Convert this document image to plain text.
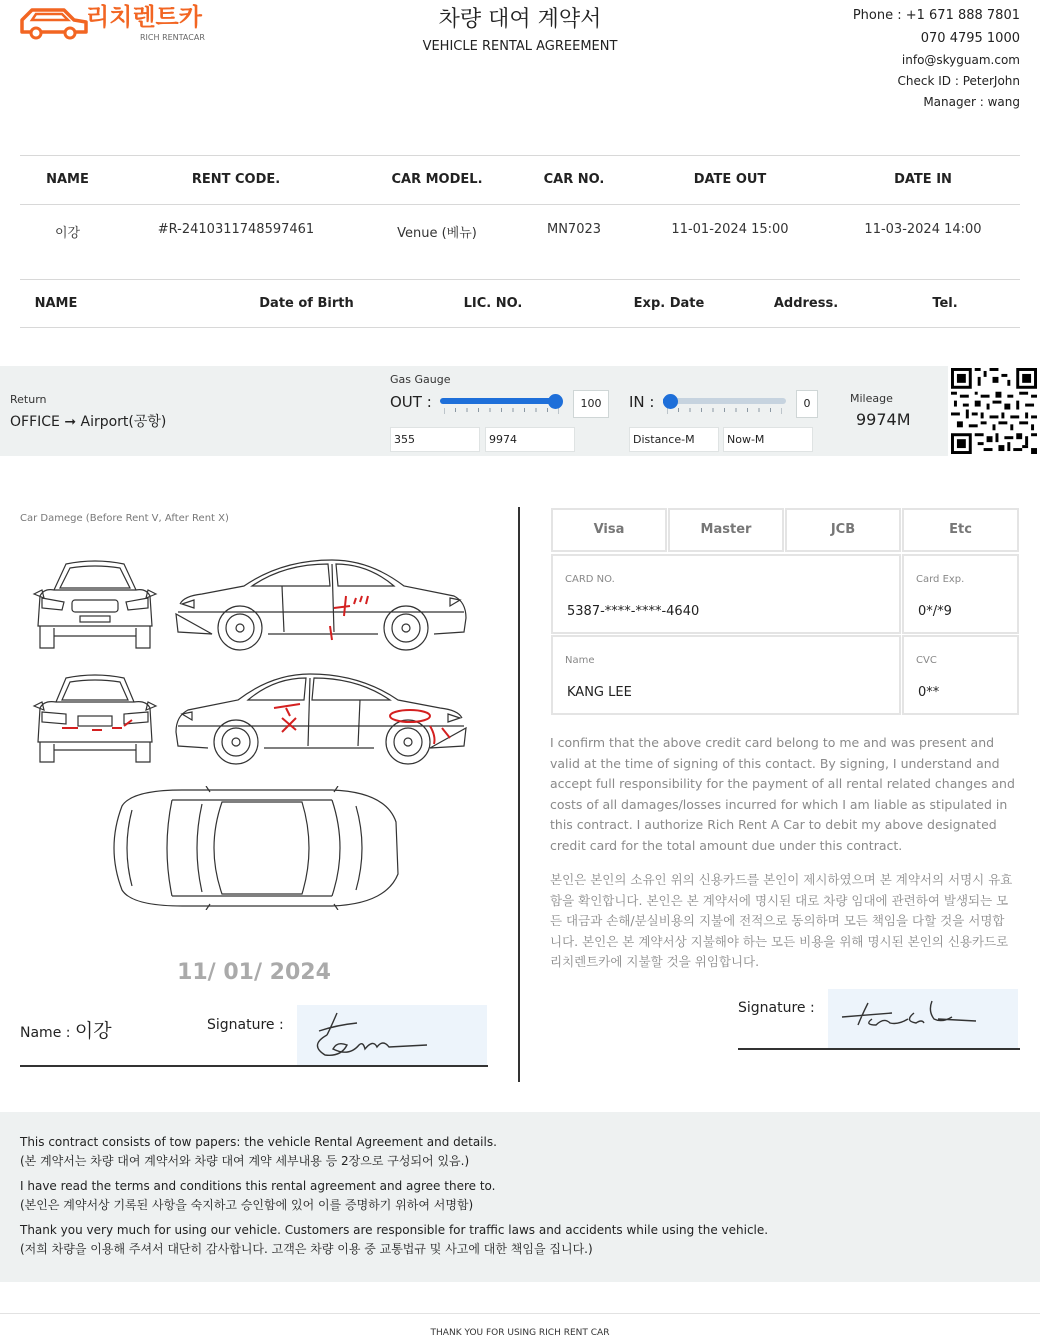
리치렌트카
RICH RENTACAR
차량 대여 계약서
VEHICLE RENTAL AGREEMENT
Phone : +1 671 888 7801
070 4795 1000
info@skyguam.com
Check ID : PeterJohn
Manager : wang
NAME	RENT CODE.	CAR MODEL.	CAR NO.	DATE OUT	DATE IN
이강	#R-2410311748597461	Venue (베뉴)	MN7023	11-01-2024 15:00	11-03-2024 14:00
NAME	Date of Birth	LIC. NO.	Exp. Date	Address.	Tel.
Return
OFFICE ➞ Airport(공항)
Gas Gauge
OUT :	100	IN :	0
355	9974	Distance-M	Now-M
Mileage
9974M
Car Damege (Before Rent V, After Rent X)
11/ 01/ 2024
Name : 이강	Signature :
Visa	Master	JCB	Etc
CARD NO.
5387-****-****-4640
Card Exp.
0*/*9
Name
KANG LEE
CVC
0**
I confirm that the above credit card belong to me and was present and valid at the time of signing of this contact. By signing, I understand and accept full responsibility for the payment of all rental related changes and costs of all damages/losses incurred for which I am liable as stipulated in this contract. I authorize Rich Rent A Car to debit my above designated credit card for the total amount due under this contract.
본인은 본인의 소유인 위의 신용카드를 본인이 제시하였으며 본 계약서의 서명시 유효함을 확인합니다. 본인은 본 계약서에 명시된 대로 차량 임대에 관련하여 발생되는 모든 대금과 손해/분실비용의 지불에 전적으로 동의하며 모든 책임을 다할 것을 서명합니다. 본인은 본 계약서상 지불해야 하는 모든 비용을 위해 명시된 본인의 신용카드로 리치렌트카에 지불할 것을 위임합니다.
Signature :
This contract consists of tow papers: the vehicle Rental Agreement and details.
(본 계약서는 차량 대여 계약서와 차량 대여 계약 세부내용 등 2장으로 구성되어 있음.)
I have read the terms and conditions this rental agreement and agree there to.
(본인은 계약서상 기록된 사항을 숙지하고 승인함에 있어 이를 증명하기 위하여 서명함)
Thank you very much for using our vehicle. Customers are responsible for traffic laws and accidents while using the vehicle.
(저희 차량을 이용해 주셔서 대단히 감사합니다. 고객은 차량 이용 중 교통법규 및 사고에 대한 책임을 집니다.)
THANK YOU FOR USING RICH RENT CAR
